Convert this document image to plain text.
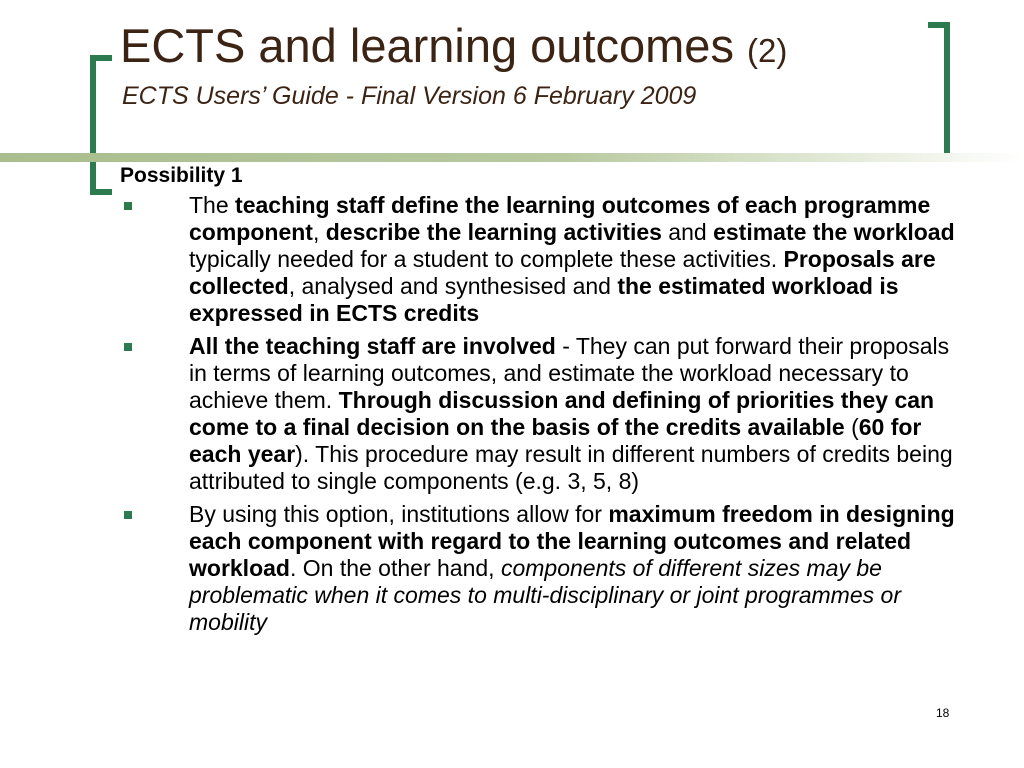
ECTS and learning outcomes (2)
ECTS Users’ Guide - Final Version 6 February 2009
Possibility 1
The teaching staff define the learning outcomes of each programme component, describe the learning activities and estimate the workload typically needed for a student to complete these activities. Proposals are collected, analysed and synthesised and the estimated workload is expressed in ECTS credits
All the teaching staff are involved - They can put forward their proposals in terms of learning outcomes, and estimate the workload necessary to achieve them. Through discussion and defining of priorities they can come to a final decision on the basis of the credits available (60 for each year). This procedure may result in different numbers of credits being attributed to single components (e.g. 3, 5, 8)
By using this option, institutions allow for maximum freedom in designing each component with regard to the learning outcomes and related workload. On the other hand, components of different sizes may be problematic when it comes to multi-disciplinary or joint programmes or mobility
18
